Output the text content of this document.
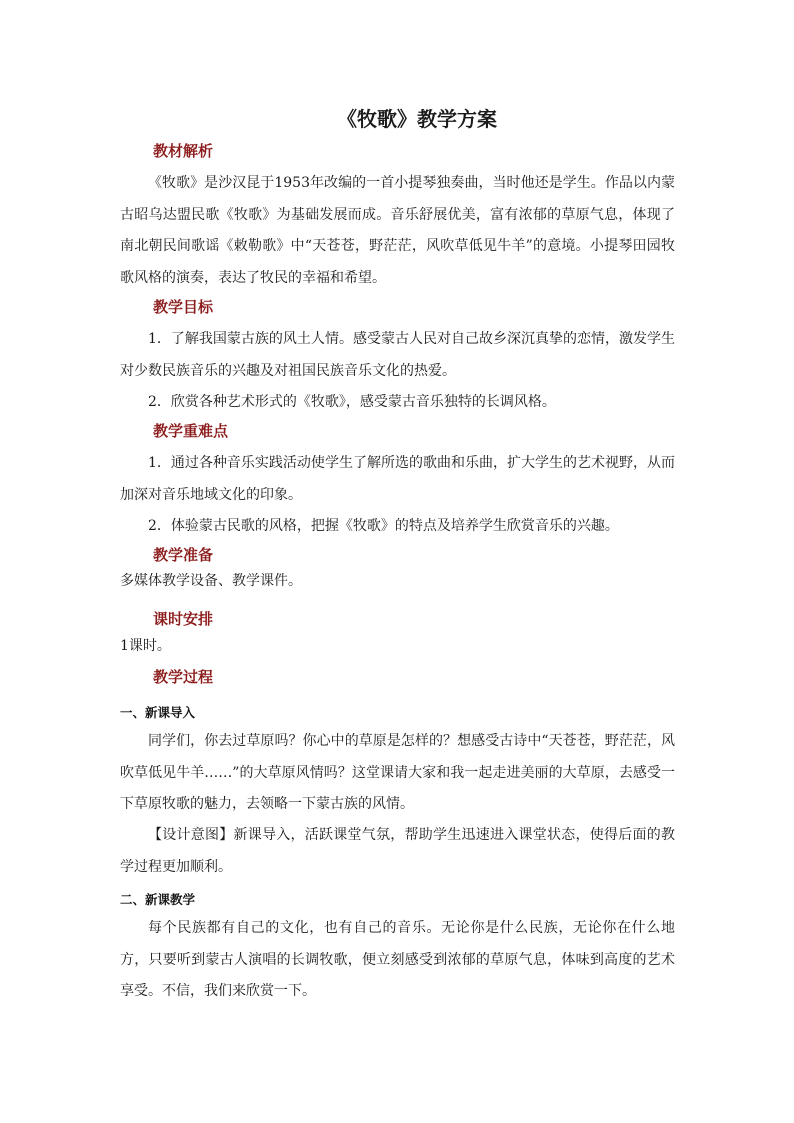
《牧歌》教学方案
教材解析

《牧歌》是沙汉昆于1953年改编的一首小提琴独奏曲，当时他还是学生。作品以内蒙古昭乌达盟民歌《牧歌》为基础发展而成。音乐舒展优美，富有浓郁的草原气息，体现了南北朝民间歌谣《敕勒歌》中“天苍苍，野茫茫，风吹草低见牛羊”的意境。小提琴田园牧歌风格的演奏，表达了牧民的幸福和希望。

教学目标

1．了解我国蒙古族的风土人情。感受蒙古人民对自己故乡深沉真挚的恋情，激发学生对少数民族音乐的兴趣及对祖国民族音乐文化的热爱。

2．欣赏各种艺术形式的《牧歌》，感受蒙古音乐独特的长调风格。

教学重难点

1．通过各种音乐实践活动使学生了解所选的歌曲和乐曲，扩大学生的艺术视野，从而加深对音乐地域文化的印象。

2．体验蒙古民歌的风格，把握《牧歌》的特点及培养学生欣赏音乐的兴趣。

教学准备

多媒体教学设备、教学课件。

课时安排

1课时。

教学过程
一、新课导入

同学们，你去过草原吗？你心中的草原是怎样的？想感受古诗中“天苍苍，野茫茫，风吹草低见牛羊……”的大草原风情吗？这堂课请大家和我一起走进美丽的大草原，去感受一下草原牧歌的魅力，去领略一下蒙古族的风情。

【设计意图】新课导入，活跃课堂气氛，帮助学生迅速进入课堂状态，使得后面的教学过程更加顺利。

二、新课教学

每个民族都有自己的文化，也有自己的音乐。无论你是什么民族，无论你在什么地方，只要听到蒙古人演唱的长调牧歌，便立刻感受到浓郁的草原气息，体味到高度的艺术享受。不信，我们来欣赏一下。
